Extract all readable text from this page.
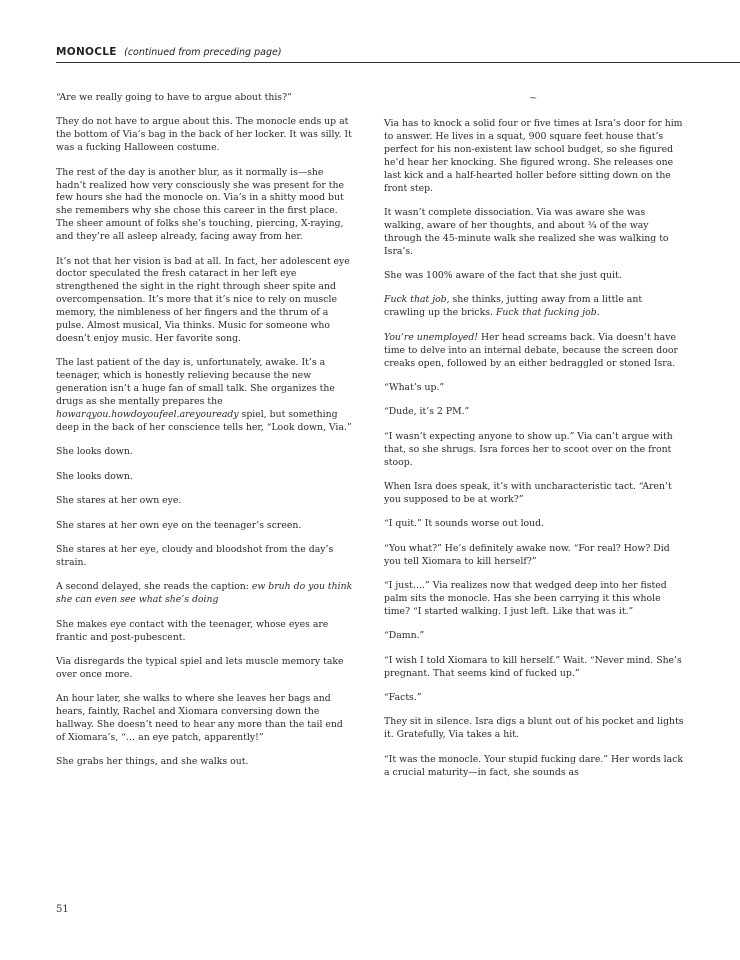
MONOCLE (continued from preceding page)

“Are we really going to have to argue about this?”

They do not have to argue about this. The monocle ends up at the bottom of Via’s bag in the back of her locker. It was silly. It was a fucking Halloween costume.

The rest of the day is another blur, as it normally is—she hadn’t realized how very consciously she was present for the few hours she had the monocle on. Via’s in a shitty mood but she remembers why she chose this career in the first place. The sheer amount of folks she’s touching, piercing, X-raying, and they’re all asleep already, facing away from her.

It’s not that her vision is bad at all. In fact, her adolescent eye doctor speculated the fresh cataract in her left eye strengthened the sight in the right through sheer spite and overcompensation. It’s more that it’s nice to rely on muscle memory, the nimbleness of her fingers and the thrum of a pulse. Almost musical, Via thinks. Music for someone who doesn’t enjoy music. Her favorite song.

The last patient of the day is, unfortunately, awake. It’s a teenager, which is honestly relieving because the new generation isn’t a huge fan of small talk. She organizes the drugs as she mentally prepares the howarqyou.howdoyoufeel.areyouready spiel, but something deep in the back of her conscience tells her, “Look down, Via.”

She looks down.

She looks down.

She stares at her own eye.

She stares at her own eye on the teenager’s screen.

She stares at her eye, cloudy and bloodshot from the day’s strain.

A second delayed, she reads the caption: ew bruh do you think she can even see what she’s doing

She makes eye contact with the teenager, whose eyes are frantic and post-pubescent.

Via disregards the typical spiel and lets muscle memory take over once more.

An hour later, she walks to where she leaves her bags and hears, faintly, Rachel and Xiomara conversing down the hallway. She doesn’t need to hear any more than the tail end of Xiomara’s, “… an eye patch, apparently!”

She grabs her things, and she walks out.

~

Via has to knock a solid four or five times at Isra’s door for him to answer. He lives in a squat, 900 square feet house that’s perfect for his non-existent law school budget, so she figured he’d hear her knocking. She figured wrong. She releases one last kick and a half-hearted holler before sitting down on the front step.

It wasn’t complete dissociation. Via was aware she was walking, aware of her thoughts, and about ¾ of the way through the 45-minute walk she realized she was walking to Isra’s.

She was 100% aware of the fact that she just quit.

Fuck that job, she thinks, jutting away from a little ant crawling up the bricks. Fuck that fucking job.

You’re unemployed! Her head screams back. Via doesn’t have time to delve into an internal debate, because the screen door creaks open, followed by an either bedraggled or stoned Isra.

“What’s up.”

“Dude, it’s 2 PM.”

“I wasn’t expecting anyone to show up.” Via can’t argue with that, so she shrugs. Isra forces her to scoot over on the front stoop.

When Isra does speak, it’s with uncharacteristic tact. “Aren’t you supposed to be at work?”

“I quit.” It sounds worse out loud.

“You what?” He’s definitely awake now. “For real? How? Did you tell Xiomara to kill herself?”

“I just….” Via realizes now that wedged deep into her fisted palm sits the monocle. Has she been carrying it this whole time? “I started walking. I just left. Like that was it.”

“Damn.”

“I wish I told Xiomara to kill herself.” Wait. “Never mind. She’s pregnant. That seems kind of fucked up.”

“Facts.”

They sit in silence. Isra digs a blunt out of his pocket and lights it. Gratefully, Via takes a hit.

“It was the monocle. Your stupid fucking dare.” Her words lack a crucial maturity—in fact, she sounds as

51
